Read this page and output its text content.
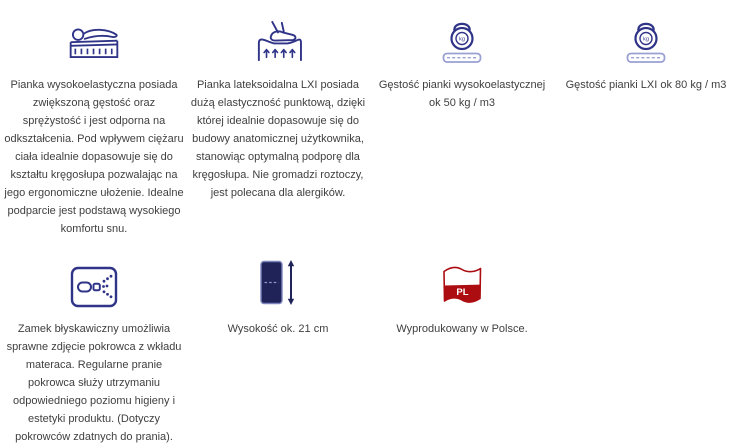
Pianka wysokoelastyczna posiada zwiększoną gęstość oraz sprężystość i jest odporna na odkształcenia. Pod wpływem ciężaru ciała idealnie dopasowuje się do kształtu kręgosłupa pozwalając na jego ergonomiczne ułożenie. Idealne podparcie jest podstawą wysokiego komfortu snu.
Pianka lateksoidalna LXI posiada dużą elastyczność punktową, dzięki której idealnie dopasowuje się do budowy anatomicznej użytkownika, stanowiąc optymalną podporę dla kręgosłupa. Nie gromadzi roztoczy, jest polecana dla alergików.
kg
Gęstość pianki wysokoelastycznej ok 50 kg / m3
kg
Gęstość pianki LXI ok 80 kg / m3
Zamek błyskawiczny umożliwia sprawne zdjęcie pokrowca z wkładu materaca. Regularne pranie pokrowca służy utrzymaniu odpowiedniego poziomu higieny i estetyki produktu. (Dotyczy pokrowców zdatnych do prania).
Wysokość ok. 21 cm
PL
Wyprodukowany w Polsce.
